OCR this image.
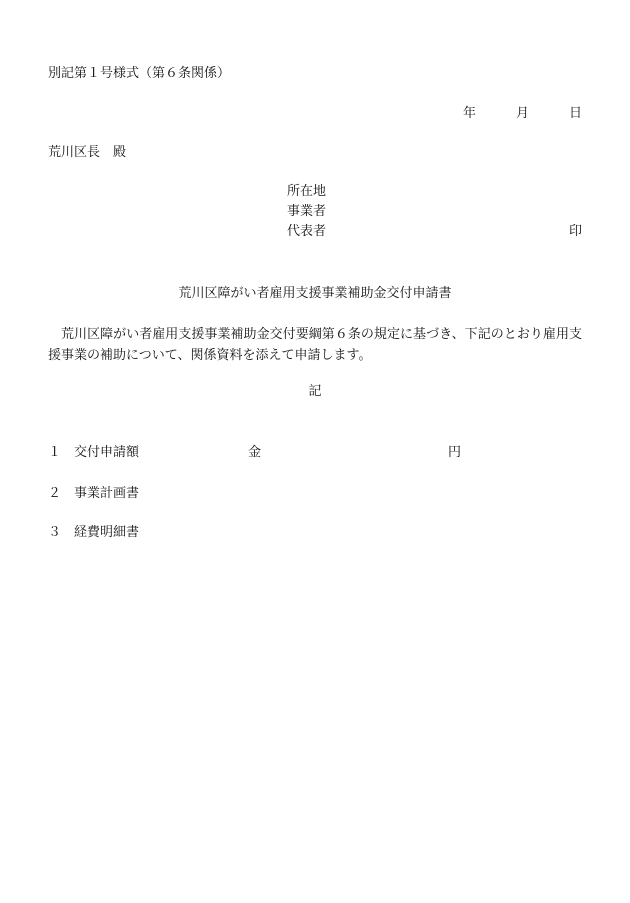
別記第１号様式（第６条関係）
年	月	日
荒川区長 殿
所在地
事業者
代表者	印
荒川区障がい者雇用支援事業補助金交付申請書
荒川区障がい者雇用支援事業補助金交付要綱第６条の規定に基づき、下記のとおり雇用支援事業の補助について、関係資料を添えて申請します。
記
１ 交付申請額	金	円
２ 事業計画書
３ 経費明細書
